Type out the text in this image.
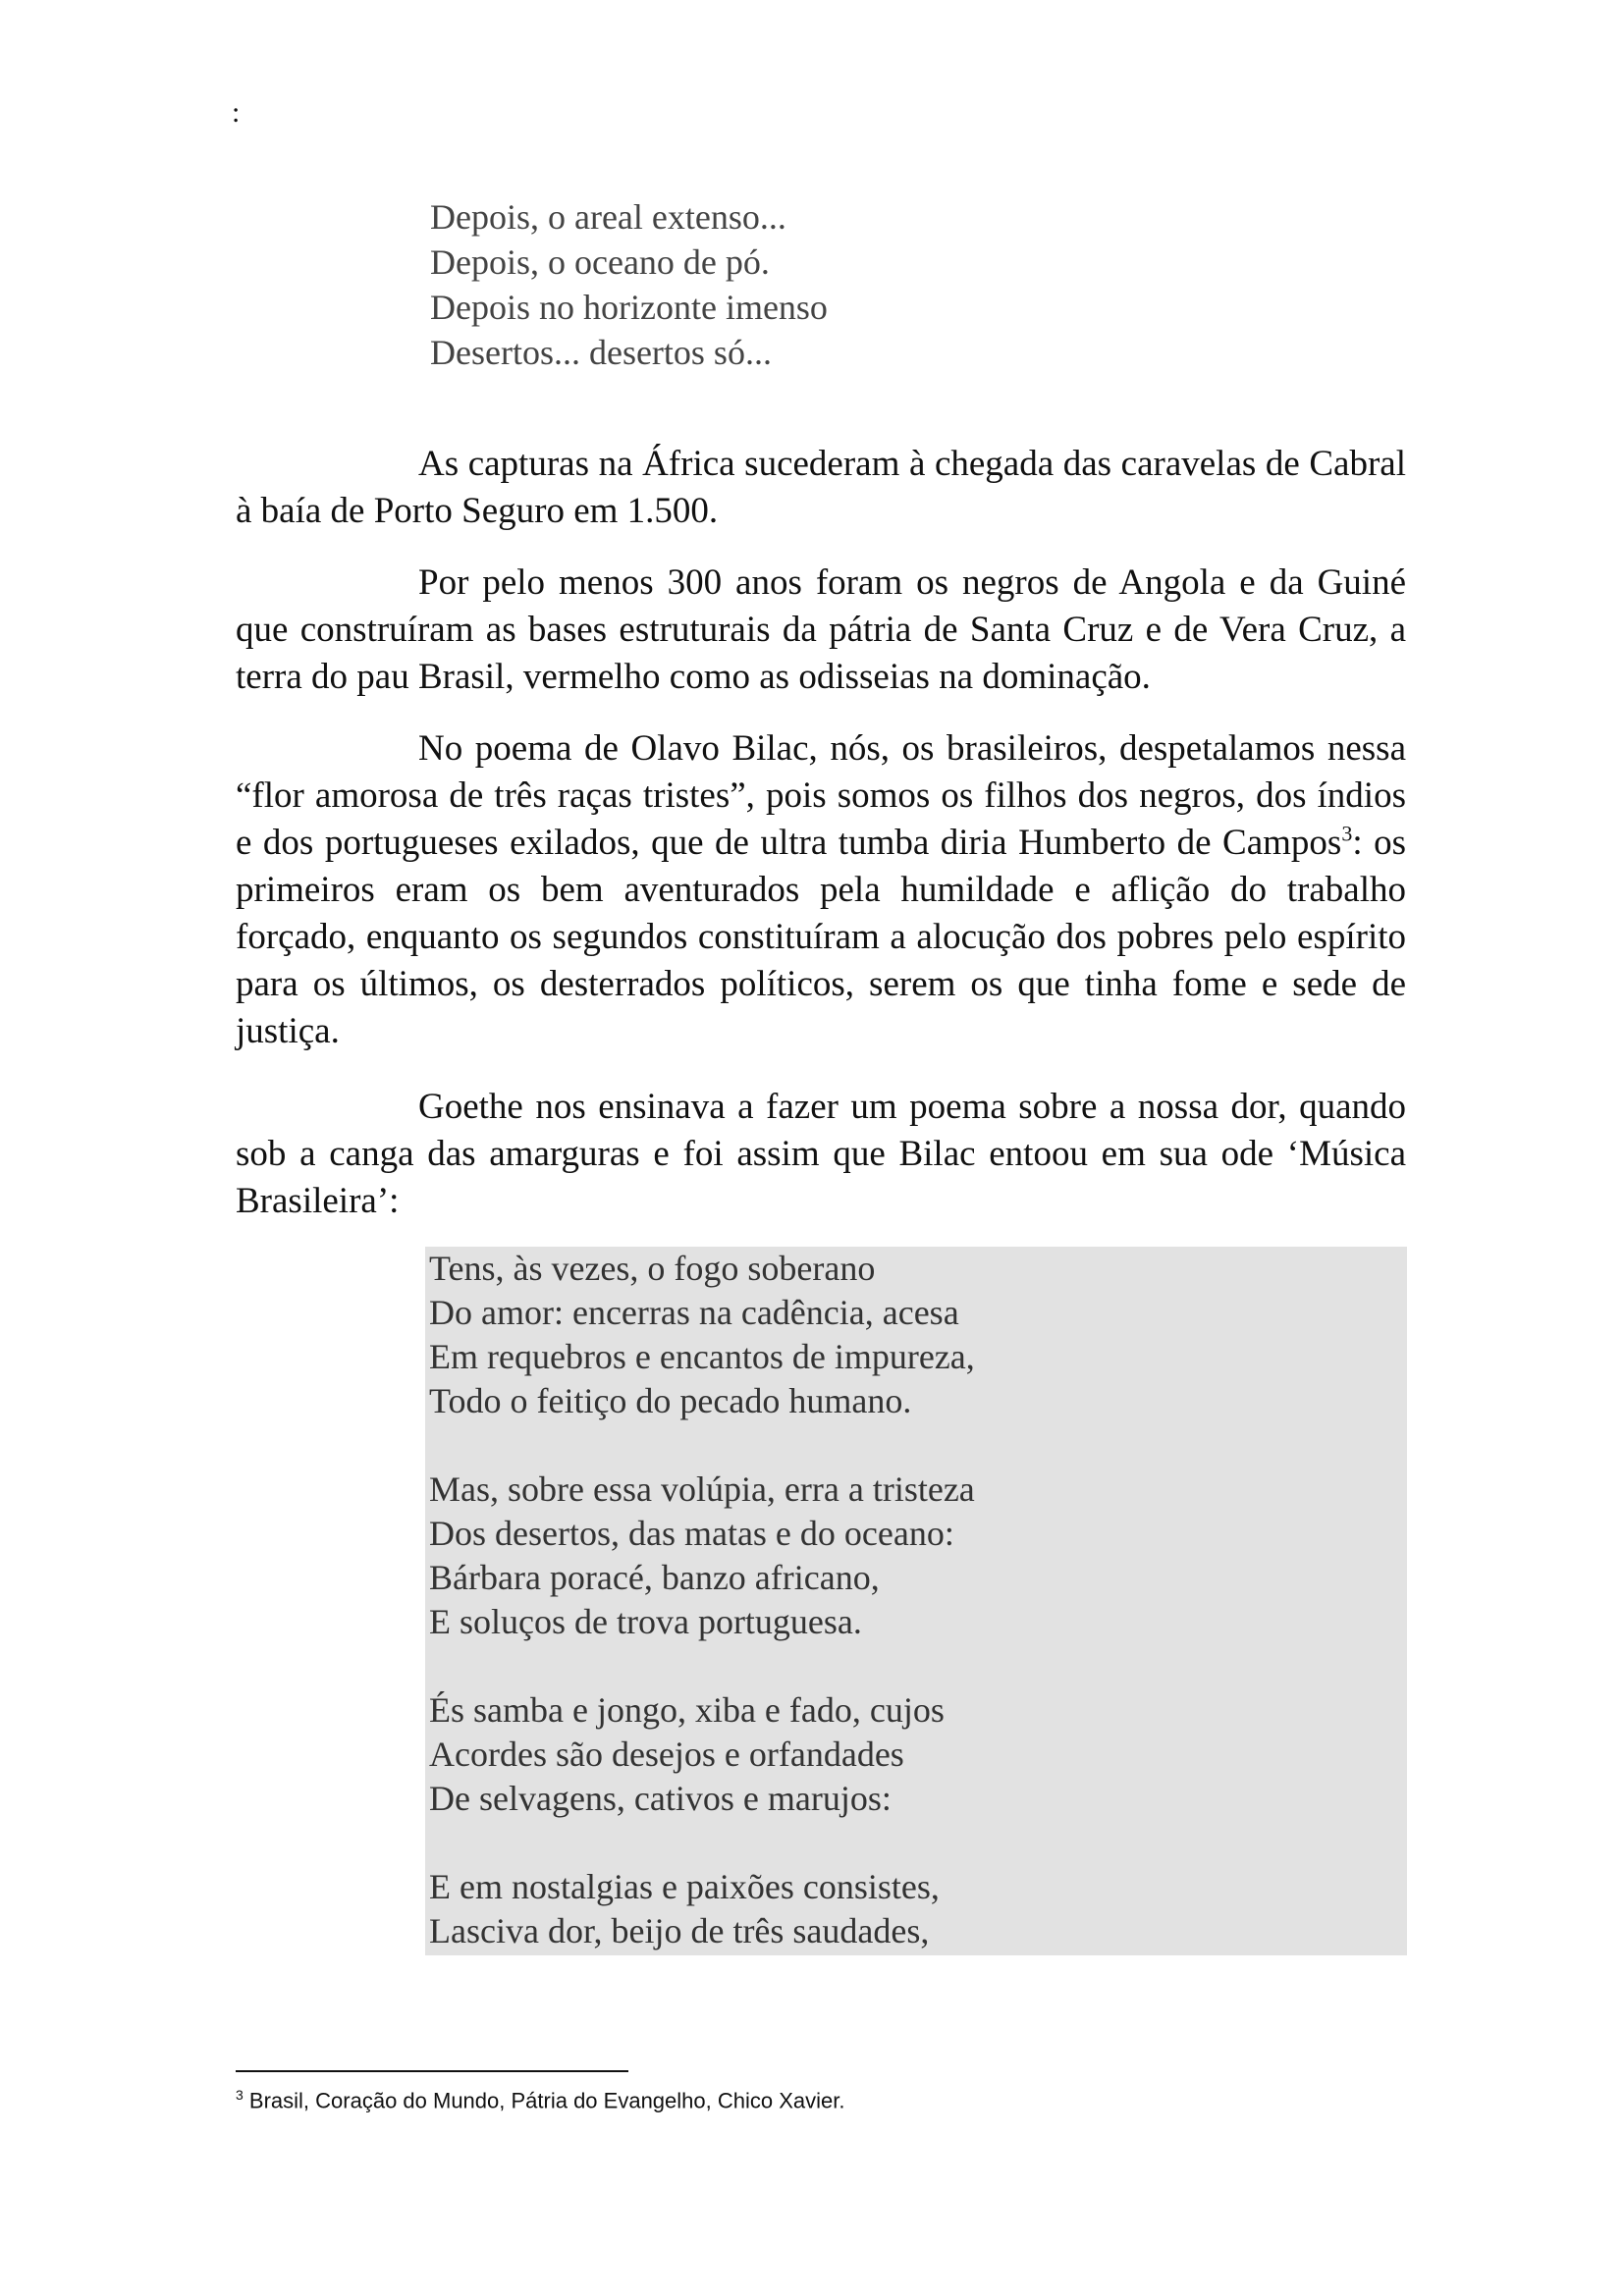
:
Depois, o areal extenso...
Depois, o oceano de pó.
Depois no horizonte imenso
Desertos... desertos só...
As capturas na África sucederam à chegada das caravelas de Cabral à baía de Porto Seguro em 1.500.
Por pelo menos 300 anos foram os negros de Angola e da Guiné que construíram as bases estruturais da pátria de Santa Cruz e de Vera Cruz, a terra do pau Brasil, vermelho como as odisseias na dominação.
No poema de Olavo Bilac, nós, os brasileiros, despetalamos nessa “flor amorosa de três raças tristes”, pois somos os filhos dos negros, dos índios e dos portugueses exilados, que de ultra tumba diria Humberto de Campos$^3$: os primeiros eram os bem aventurados pela humildade e aflição do trabalho forçado, enquanto os segundos constituíram a alocução dos pobres pelo espírito para os últimos, os desterrados políticos, serem os que tinha fome e sede de justiça.
Goethe nos ensinava a fazer um poema sobre a nossa dor, quando sob a canga das amarguras e foi assim que Bilac entoou em sua ode ‘Música Brasileira’:
Tens, às vezes, o fogo soberano
Do amor: encerras na cadência, acesa
Em requebros e encantos de impureza,
Todo o feitiço do pecado humano.
Mas, sobre essa volúpia, erra a tristeza
Dos desertos, das matas e do oceano:
Bárbara poracé, banzo africano,
E soluços de trova portuguesa.
És samba e jongo, xiba e fado, cujos
Acordes são desejos e orfandades
De selvagens, cativos e marujos:
E em nostalgias e paixões consistes,
Lasciva dor, beijo de três saudades,
$^3$ Brasil, Coração do Mundo, Pátria do Evangelho, Chico Xavier.
